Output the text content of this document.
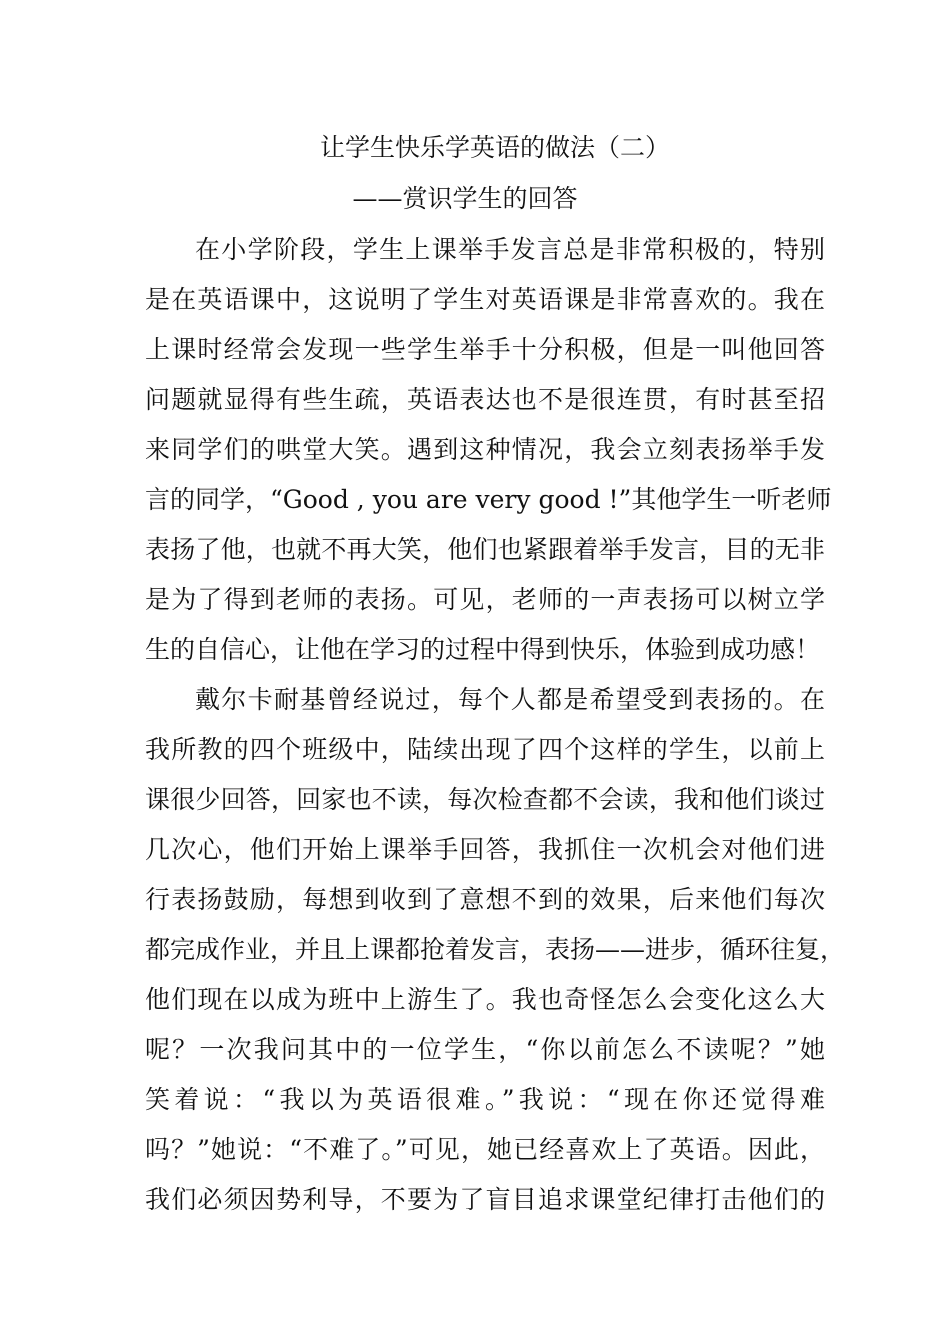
让学生快乐学英语的做法（二）
——赏识学生的回答
在小学阶段，学生上课举手发言总是非常积极的，特别
是在英语课中，这说明了学生对英语课是非常喜欢的。我在
上课时经常会发现一些学生举手十分积极，但是一叫他回答
问题就显得有些生疏，英语表达也不是很连贯，有时甚至招
来同学们的哄堂大笑。遇到这种情况，我会立刻表扬举手发
言的同学，“Good , you are very good !”其他学生一听老师
表扬了他，也就不再大笑，他们也紧跟着举手发言，目的无非
是为了得到老师的表扬。可见，老师的一声表扬可以树立学
生的自信心，让他在学习的过程中得到快乐，体验到成功感！
戴尔卡耐基曾经说过，每个人都是希望受到表扬的。在
我所教的四个班级中，陆续出现了四个这样的学生，以前上
课很少回答，回家也不读，每次检查都不会读，我和他们谈过
几次心，他们开始上课举手回答，我抓住一次机会对他们进
行表扬鼓励，每想到收到了意想不到的效果，后来他们每次
都完成作业，并且上课都抢着发言，表扬——进步，循环往复，
他们现在以成为班中上游生了。我也奇怪怎么会变化这么大
呢？一次我问其中的一位学生，“你以前怎么不读呢？”她
笑着说：“我以为英语很难。”我说：“现在你还觉得难
吗？”她说：“不难了。”可见，她已经喜欢上了英语。因此，
我们必须因势利导，不要为了盲目追求课堂纪律打击他们的
